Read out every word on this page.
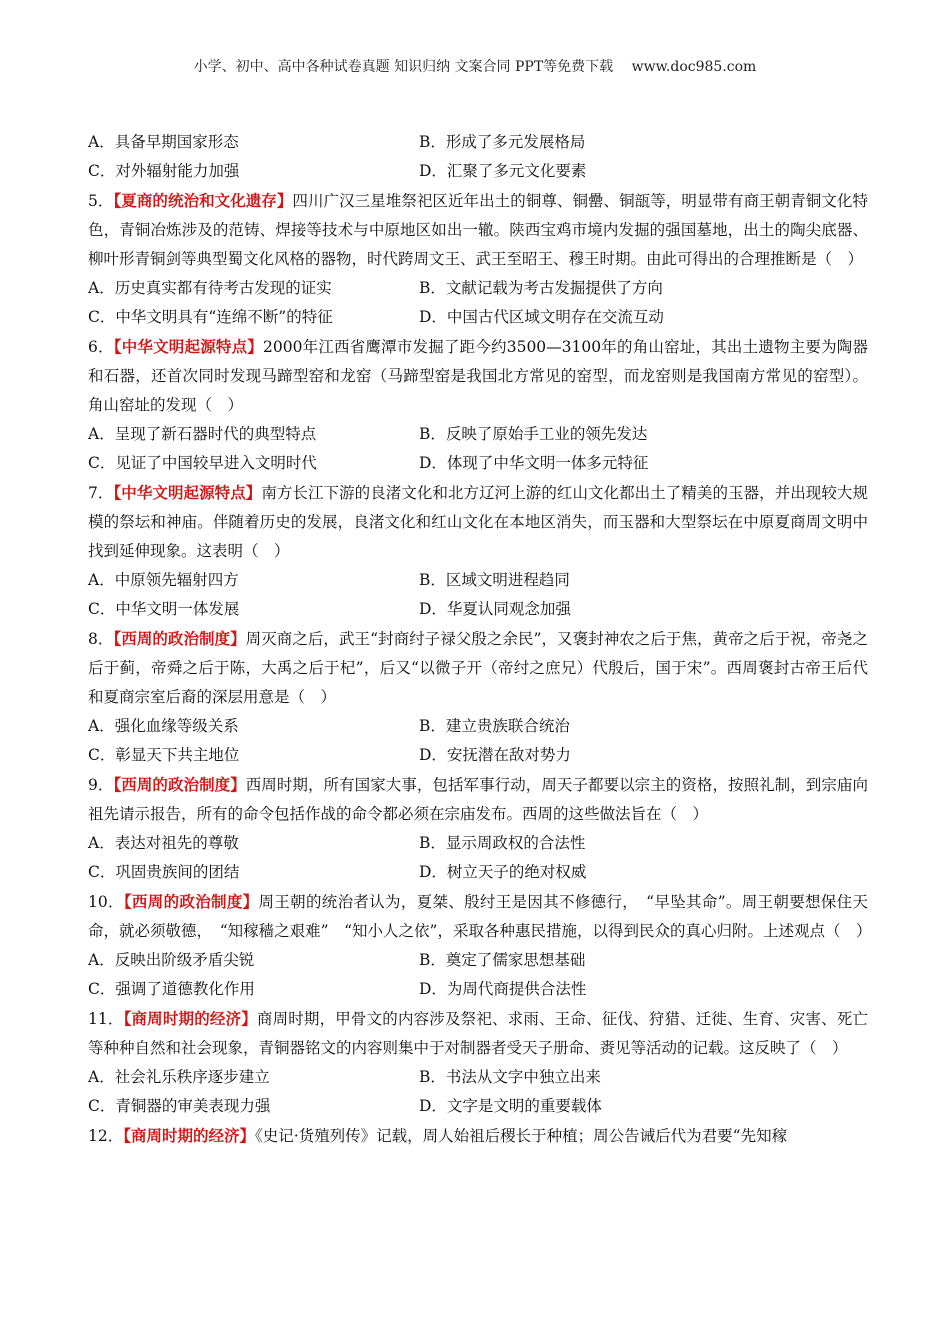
小学、初中、高中各种试卷真题 知识归纳 文案合同 PPT等免费下载　 www.doc985.com
A．具备早期国家形态	B．形成了多元发展格局
C．对外辐射能力加强	D．汇聚了多元文化要素

5．【夏商的统治和文化遗存】四川广汉三星堆祭祀区近年出土的铜尊、铜罍、铜瓿等，明显带有商王朝青铜文化特色，青铜冶炼涉及的范铸、焊接等技术与中原地区如出一辙。陕西宝鸡市境内发掘的强国墓地，出土的陶尖底器、柳叶形青铜剑等典型蜀文化风格的器物，时代跨周文王、武王至昭王、穆王时期。由此可得出的合理推断是（　）

A．历史真实都有待考古发现的证实	B．文献记载为考古发掘提供了方向
C．中华文明具有“连绵不断”的特征	D．中国古代区域文明存在交流互动

6．【中华文明起源特点】2000年江西省鹰潭市发掘了距今约3500—3100年的角山窑址，其出土遗物主要为陶器和石器，还首次同时发现马蹄型窑和龙窑（马蹄型窑是我国北方常见的窑型，而龙窑则是我国南方常见的窑型）。角山窑址的发现（　）

A．呈现了新石器时代的典型特点	B．反映了原始手工业的领先发达
C．见证了中国较早进入文明时代	D．体现了中华文明一体多元特征

7．【中华文明起源特点】南方长江下游的良渚文化和北方辽河上游的红山文化都出土了精美的玉器，并出现较大规模的祭坛和神庙。伴随着历史的发展，良渚文化和红山文化在本地区消失，而玉器和大型祭坛在中原夏商周文明中找到延伸现象。这表明（　）

A．中原领先辐射四方	B．区域文明进程趋同
C．中华文明一体发展	D．华夏认同观念加强

8．【西周的政治制度】周灭商之后，武王“封商纣子禄父殷之余民”，又褒封神农之后于焦，黄帝之后于祝，帝尧之后于蓟，帝舜之后于陈，大禹之后于杞”，后又“以微子开（帝纣之庶兄）代殷后，国于宋”。西周褒封古帝王后代和夏商宗室后裔的深层用意是（　）

A．强化血缘等级关系	B．建立贵族联合统治
C．彰显天下共主地位	D．安抚潜在敌对势力

9．【西周的政治制度】西周时期，所有国家大事，包括军事行动，周天子都要以宗主的资格，按照礼制，到宗庙向祖先请示报告，所有的命令包括作战的命令都必须在宗庙发布。西周的这些做法旨在（　）

A．表达对祖先的尊敬	B．显示周政权的合法性
C．巩固贵族间的团结	D．树立天子的绝对权威

10．【西周的政治制度】周王朝的统治者认为，夏桀、殷纣王是因其不修德行，　“早坠其命”。周王朝要想保住天命，就必须敬德，　“知稼穑之艰难”　“知小人之依”，采取各种惠民措施，以得到民众的真心归附。上述观点（　）

A．反映出阶级矛盾尖锐	B．奠定了儒家思想基础
C．强调了道德教化作用	D．为周代商提供合法性

11．【商周时期的经济】商周时期，甲骨文的内容涉及祭祀、求雨、王命、征伐、狩猎、迁徙、生育、灾害、死亡等种种自然和社会现象，青铜器铭文的内容则集中于对制器者受天子册命、赉见等活动的记载。这反映了（　）

A．社会礼乐秩序逐步建立	B．书法从文字中独立出来
C．青铜器的审美表现力强	D．文字是文明的重要载体

12．【商周时期的经济】《史记·货殖列传》记载，周人始祖后稷长于种植；周公告诫后代为君要“先知稼
